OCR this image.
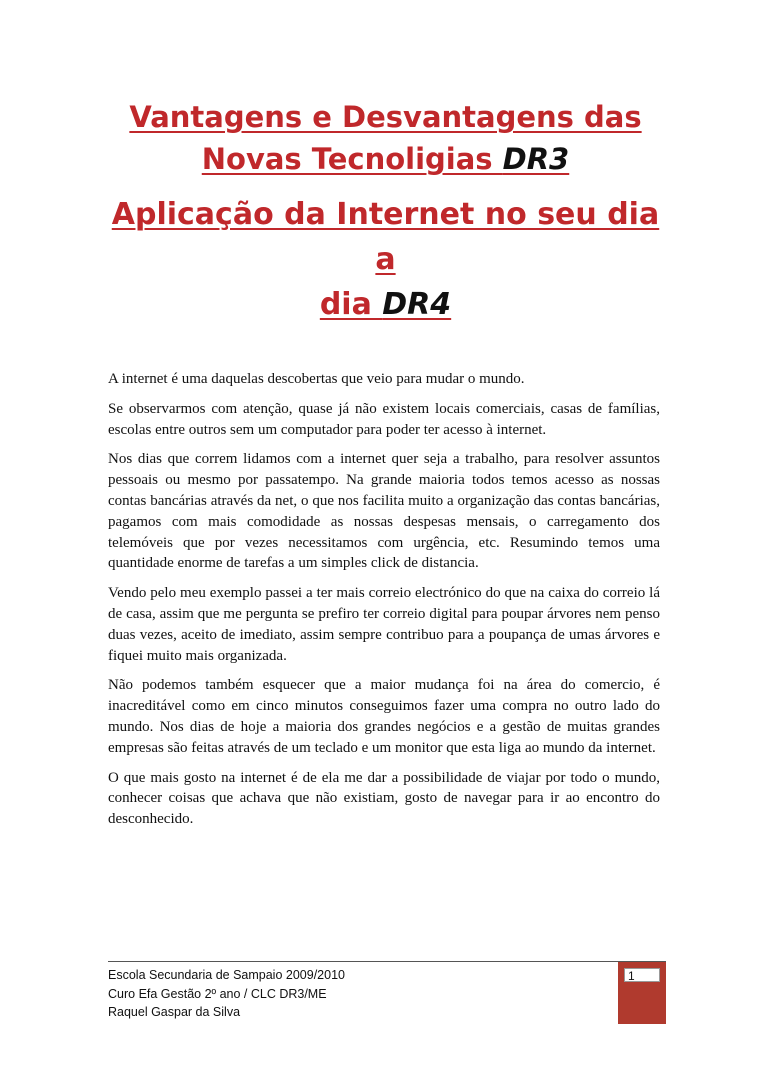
Vantagens e Desvantagens das
Novas Tecnoligias DR3
Aplicação da Internet no seu dia a
dia DR4

A internet é uma daquelas descobertas que veio para mudar o mundo.

Se observarmos com atenção, quase já não existem locais comerciais, casas de famílias, escolas entre outros sem um computador para poder ter acesso à internet.

Nos dias que correm lidamos com a internet quer seja a trabalho, para resolver assuntos pessoais ou mesmo por passatempo. Na grande maioria todos temos acesso as nossas contas bancárias através da net, o que nos facilita muito a organização das contas bancárias, pagamos com mais comodidade as nossas despesas mensais, o carregamento dos telemóveis que por vezes necessitamos com urgência, etc. Resumindo temos uma quantidade enorme de tarefas a um simples click de distancia.

Vendo pelo meu exemplo passei a ter mais correio electrónico do que na caixa do correio lá de casa, assim que me pergunta se prefiro ter correio digital para poupar árvores nem penso duas vezes, aceito de imediato, assim sempre contribuo para a poupança de umas árvores e fiquei muito mais organizada.

Não podemos também esquecer que a maior mudança foi na área do comercio, é inacreditável como em cinco minutos conseguimos fazer uma compra no outro lado do mundo. Nos dias de hoje a maioria dos grandes negócios e a gestão de muitas grandes empresas são feitas através de um teclado e um monitor que esta liga ao mundo da internet.

O que mais gosto na internet é de ela me dar a possibilidade de viajar por todo o mundo, conhecer coisas que achava que não existiam, gosto de navegar para ir ao encontro do desconhecido.

Escola Secundaria de Sampaio 2009/2010
Curo Efa Gestão 2º ano / CLC DR3/ME
Raquel Gaspar da Silva
1
